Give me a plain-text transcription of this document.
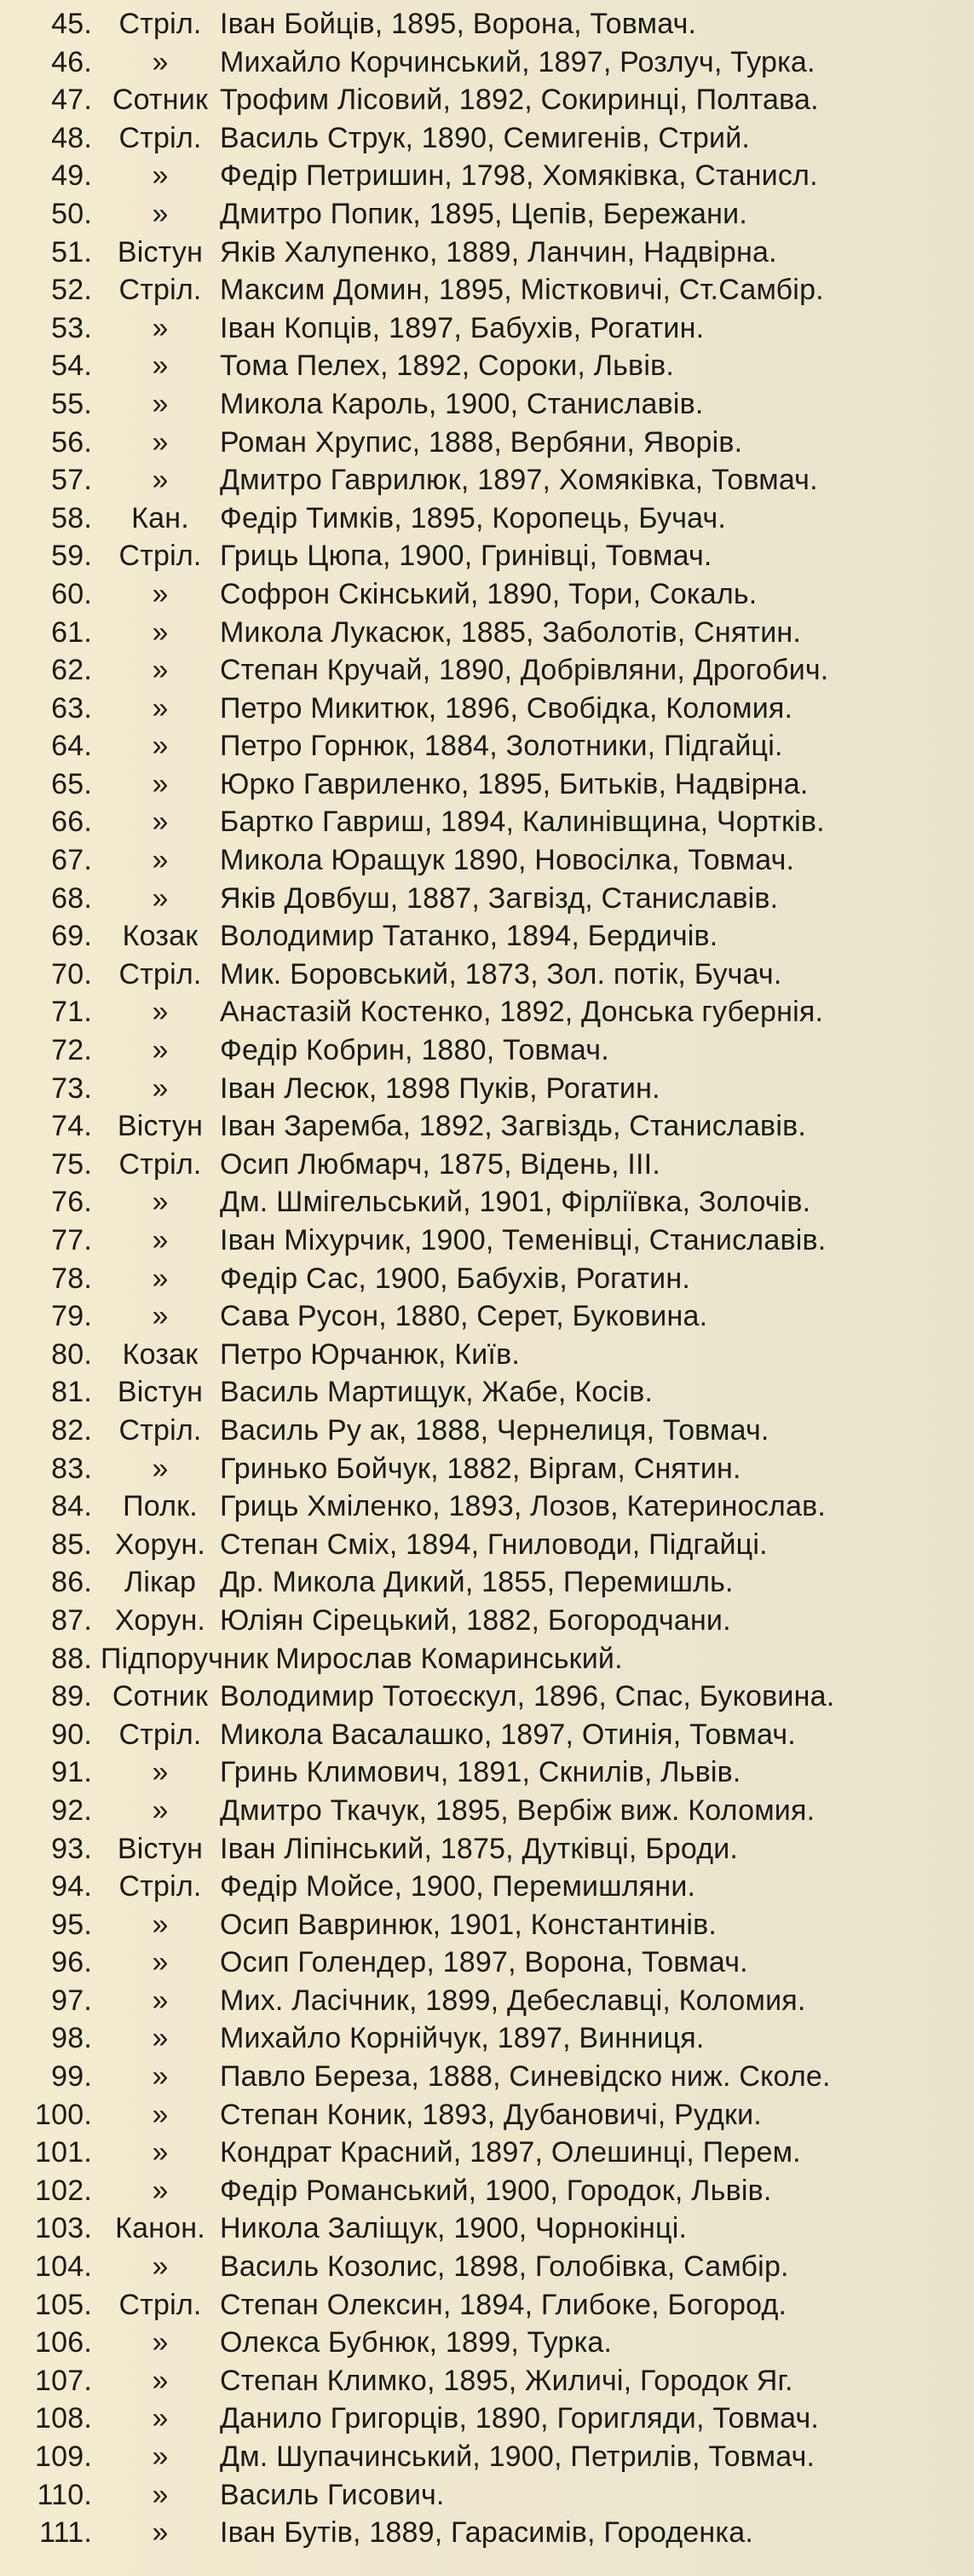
45. Стріл. Іван Бойців, 1895, Ворона, Товмач.
46.	»	Михайло Корчинський, 1897, Розлуч, Турка.
47. Сотник Трофим Лісовий, 1892, Сокиринці, Полтава.
48. Стріл. Василь Струк, 1890, Семигенів, Стрий.
49.	»	Федір Петришин, 1798, Хомяківка, Станисл.
50.	»	Дмитро Попик, 1895, Цепів, Бережани.
51. Вістун Яків Халупенко, 1889, Ланчин, Надвірна.
52. Стріл. Максим Домин, 1895, Містковичі, Ст.Самбір.
53.	»	Іван Копців, 1897, Бабухів, Рогатин.
54.	»	Тома Пелех, 1892, Сороки, Львів.
55.	»	Микола Кароль, 1900, Станиславів.
56.	»	Роман Хрупис, 1888, Вербяни, Яворів.
57.	»	Дмитро Гаврилюк, 1897, Хомяківка, Товмач.
58.	Кан.	Федір Тимків, 1895, Коропець, Бучач.
59. Стріл. Гриць Цюпа, 1900, Гринівці, Товмач.
60.	»	Софрон Скінський, 1890, Тори, Сокаль.
61.	»	Микола Лукасюк, 1885, Заболотів, Снятин.
62.	»	Степан Кручай, 1890, Добрівляни, Дрогобич.
63.	»	Петро Микитюк, 1896, Свобідка, Коломия.
64.	»	Петро Горнюк, 1884, Золотники, Підгайці.
65.	»	Юрко Гавриленко, 1895, Битьків, Надвірна.
66.	»	Бартко Гавриш, 1894, Калинівщина, Чортків.
67.	»	Микола Юращук 1890, Новосілка, Товмач.
68.	»	Яків Довбуш, 1887, Загвізд, Станиславів.
69.	Козак Володимир Татанко, 1894, Бердичів.
70. Стріл. Мик. Боровський, 1873, Зол. потік, Бучач.
71.	»	Анастазій Костенко, 1892, Донська губернія.
72.	»	Федір Кобрин, 1880, Товмач.
73.	»	Іван Лесюк, 1898 Пуків, Рогатин.
74. Вістун Іван Заремба, 1892, Загвіздь, Станиславів.
75. Стріл. Осип Любмарч, 1875, Відень, III.
76.	»	Дм. Шмігельський, 1901, Фірліївка, Золочів.
77.	»	Іван Міхурчик, 1900, Теменівці, Станиславів.
78.	»	Федір Сас, 1900, Бабухів, Рогатин.
79.	»	Сава Русон, 1880, Серет, Буковина.
80.	Козак Петро Юрчанюк, Київ.
81. Вістун Василь Мартищук, Жабе, Косів.
82. Стріл. Василь Ру ак, 1888, Чернелиця, Товмач.
83.	»	Гринько Бойчук, 1882, Віргам, Снятин.
84.	Полк. Гриць Хміленко, 1893, Лозов, Катеринослав.
85. Хорун. Степан Сміх, 1894, Гниловоди, Підгайці.
86.	Лікар Др. Микола Дикий, 1855, Перемишль.
87. Хорун. Юліян Сірецький, 1882, Богородчани.
88. Підпоручник Мирослав Комаринський.
89. Сотник Володимир Тотоєскул, 1896, Спас, Буковина.
90. Стріл. Микола Васалашко, 1897, Отинія, Товмач.
91.	»	Гринь Климович, 1891, Скнилів, Львів.
92.	»	Дмитро Ткачук, 1895, Вербіж виж. Коломия.
93. Вістун Іван Ліпінський, 1875, Дутківці, Броди.
94. Стріл. Федір Мойсе, 1900, Перемишляни.
95.	»	Осип Вавринюк, 1901, Константинів.
96.	»	Осип Голендер, 1897, Ворона, Товмач.
97.	»	Мих. Ласічник, 1899, Дебеславці, Коломия.
98.	»	Михайло Корнійчук, 1897, Винниця.
99.	»	Павло Береза, 1888, Синевідско ниж. Сколе.
100.	»	Степан Коник, 1893, Дубановичі, Рудки.
101.	»	Кондрат Красний, 1897, Олешинці, Перем.
102.	»	Федір Романський, 1900, Городок, Львів.
103. Канон. Никола Заліщук, 1900, Чорнокінці.
104.	»	Василь Козолис, 1898, Голобівка, Самбір.
105. Стріл. Степан Олексин, 1894, Глибоке, Богород.
106.	»	Олекса Бубнюк, 1899, Турка.
107.	»	Степан Климко, 1895, Жиличі, Городок Яг.
108.	»	Данило Григорців, 1890, Горигляди, Товмач.
109.	»	Дм. Шупачинський, 1900, Петрилів, Товмач.
110.	»	Василь Гисович.
111.	»	Іван Бутів, 1889, Гарасимів, Городенка.
